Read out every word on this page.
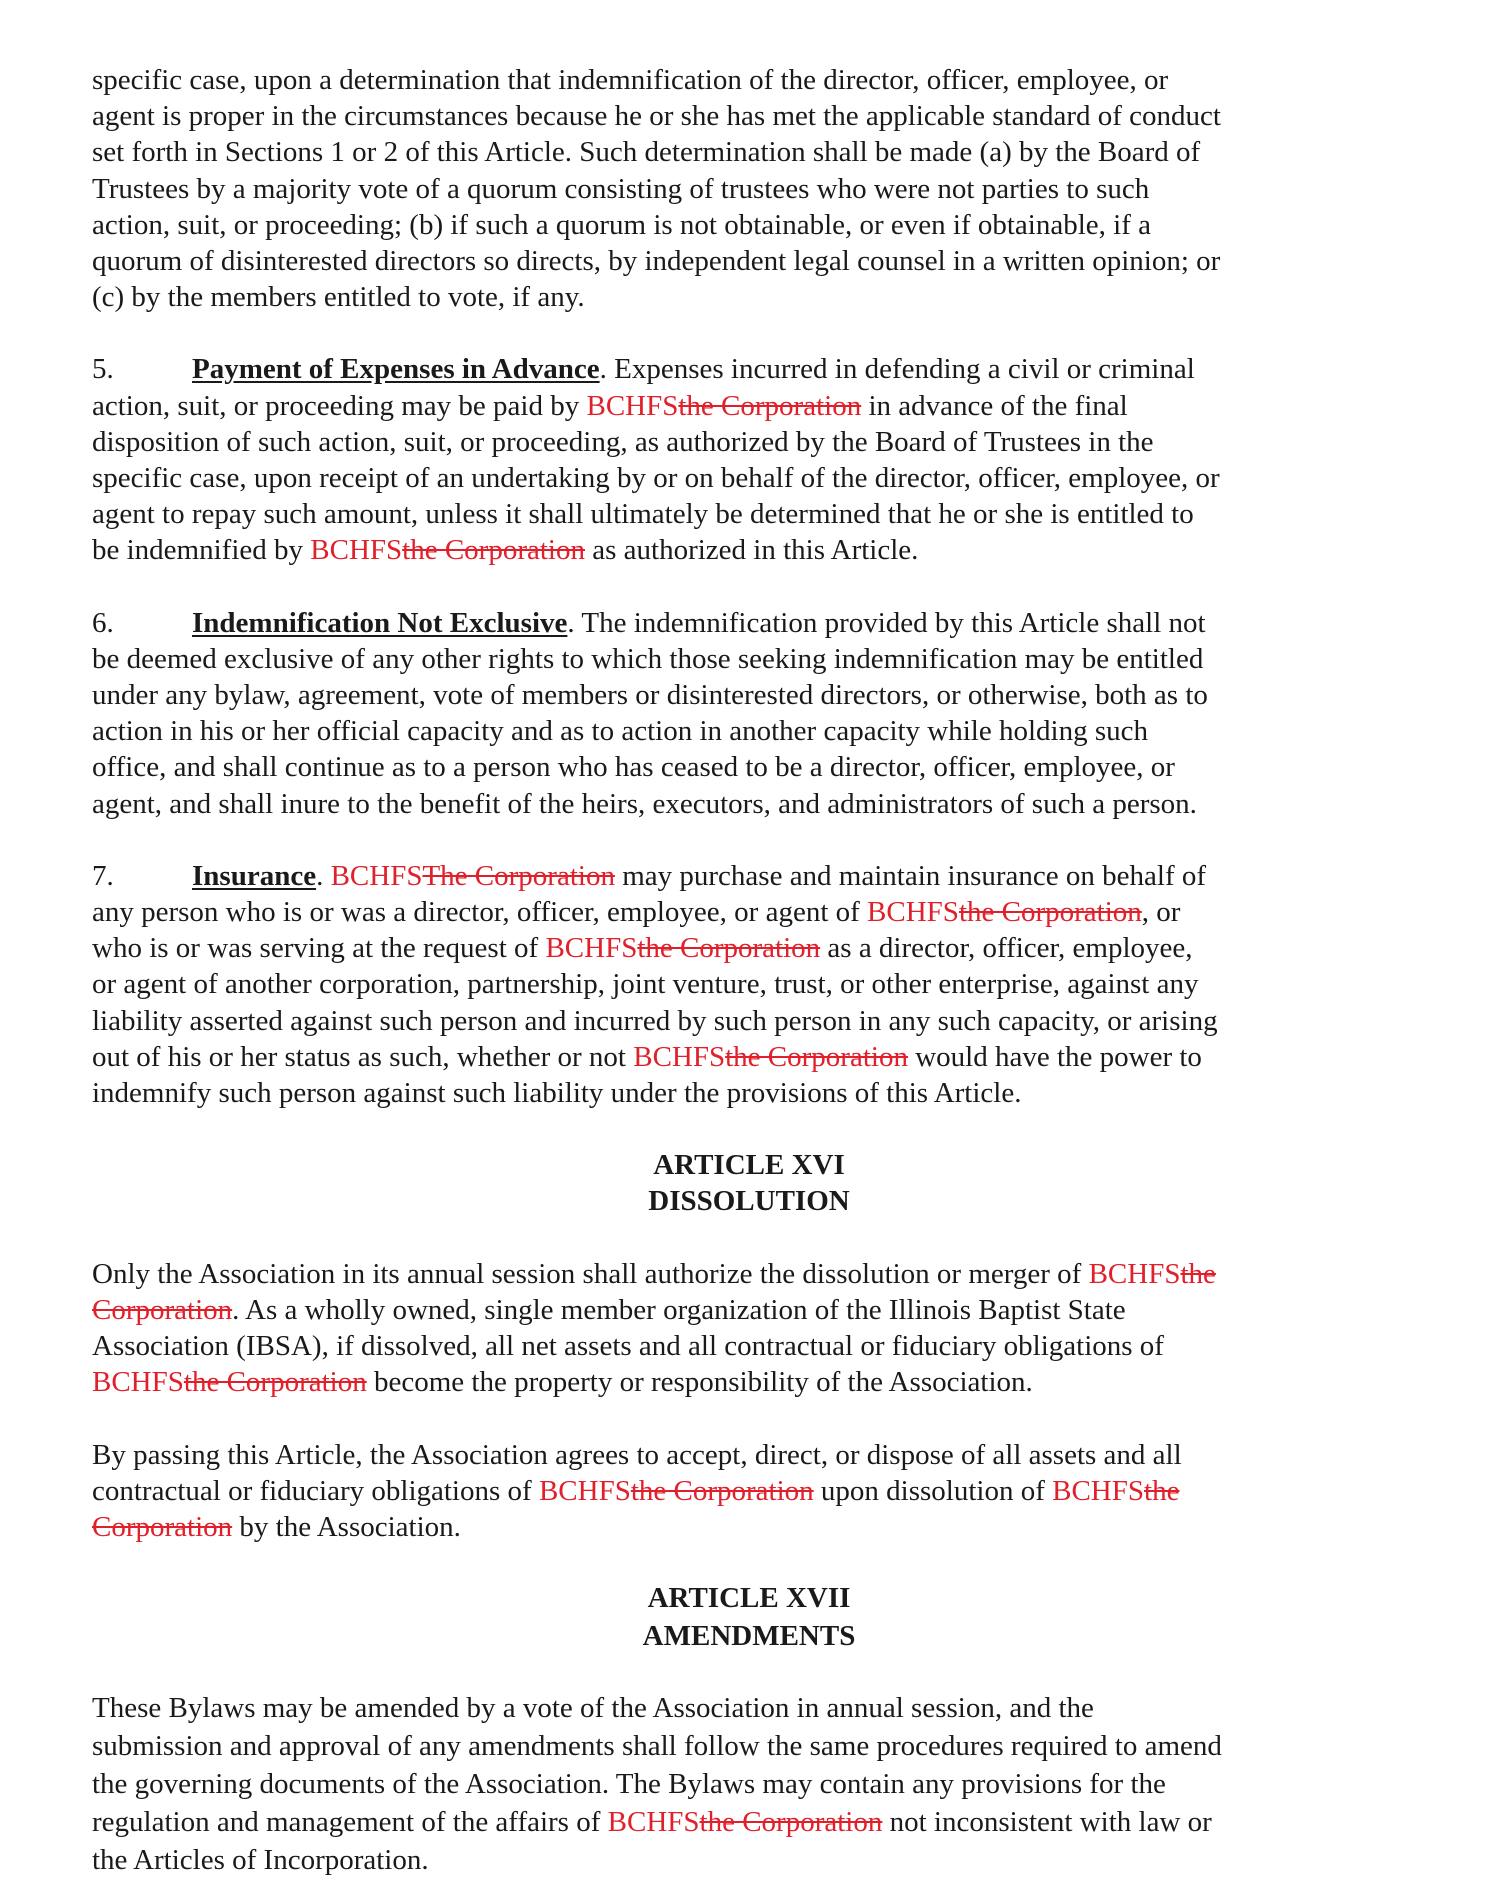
specific case, upon a determination that indemnification of the director, officer, employee, or
agent is proper in the circumstances because he or she has met the applicable standard of conduct
set forth in Sections 1 or 2 of this Article. Such determination shall be made (a) by the Board of
Trustees by a majority vote of a quorum consisting of trustees who were not parties to such
action, suit, or proceeding; (b) if such a quorum is not obtainable, or even if obtainable, if a
quorum of disinterested directors so directs, by independent legal counsel in a written opinion; or
(c) by the members entitled to vote, if any.
5.	Payment of Expenses in Advance. Expenses incurred in defending a civil or criminal
action, suit, or proceeding may be paid by BCHFSthe Corporation in advance of the final
disposition of such action, suit, or proceeding, as authorized by the Board of Trustees in the
specific case, upon receipt of an undertaking by or on behalf of the director, officer, employee, or
agent to repay such amount, unless it shall ultimately be determined that he or she is entitled to
be indemnified by BCHFSthe Corporation as authorized in this Article.
6.	Indemnification Not Exclusive. The indemnification provided by this Article shall not
be deemed exclusive of any other rights to which those seeking indemnification may be entitled
under any bylaw, agreement, vote of members or disinterested directors, or otherwise, both as to
action in his or her official capacity and as to action in another capacity while holding such
office, and shall continue as to a person who has ceased to be a director, officer, employee, or
agent, and shall inure to the benefit of the heirs, executors, and administrators of such a person.
7.	Insurance. BCHFSThe Corporation may purchase and maintain insurance on behalf of
any person who is or was a director, officer, employee, or agent of BCHFSthe Corporation, or
who is or was serving at the request of BCHFSthe Corporation as a director, officer, employee,
or agent of another corporation, partnership, joint venture, trust, or other enterprise, against any
liability asserted against such person and incurred by such person in any such capacity, or arising
out of his or her status as such, whether or not BCHFSthe Corporation would have the power to
indemnify such person against such liability under the provisions of this Article.
ARTICLE XVI
DISSOLUTION
Only the Association in its annual session shall authorize the dissolution or merger of BCHFSthe
Corporation. As a wholly owned, single member organization of the Illinois Baptist State
Association (IBSA), if dissolved, all net assets and all contractual or fiduciary obligations of
BCHFSthe Corporation become the property or responsibility of the Association.
By passing this Article, the Association agrees to accept, direct, or dispose of all assets and all
contractual or fiduciary obligations of BCHFSthe Corporation upon dissolution of BCHFSthe
Corporation by the Association.
ARTICLE XVII
AMENDMENTS
These Bylaws may be amended by a vote of the Association in annual session, and the
submission and approval of any amendments shall follow the same procedures required to amend
the governing documents of the Association. The Bylaws may contain any provisions for the
regulation and management of the affairs of BCHFSthe Corporation not inconsistent with law or
the Articles of Incorporation.
